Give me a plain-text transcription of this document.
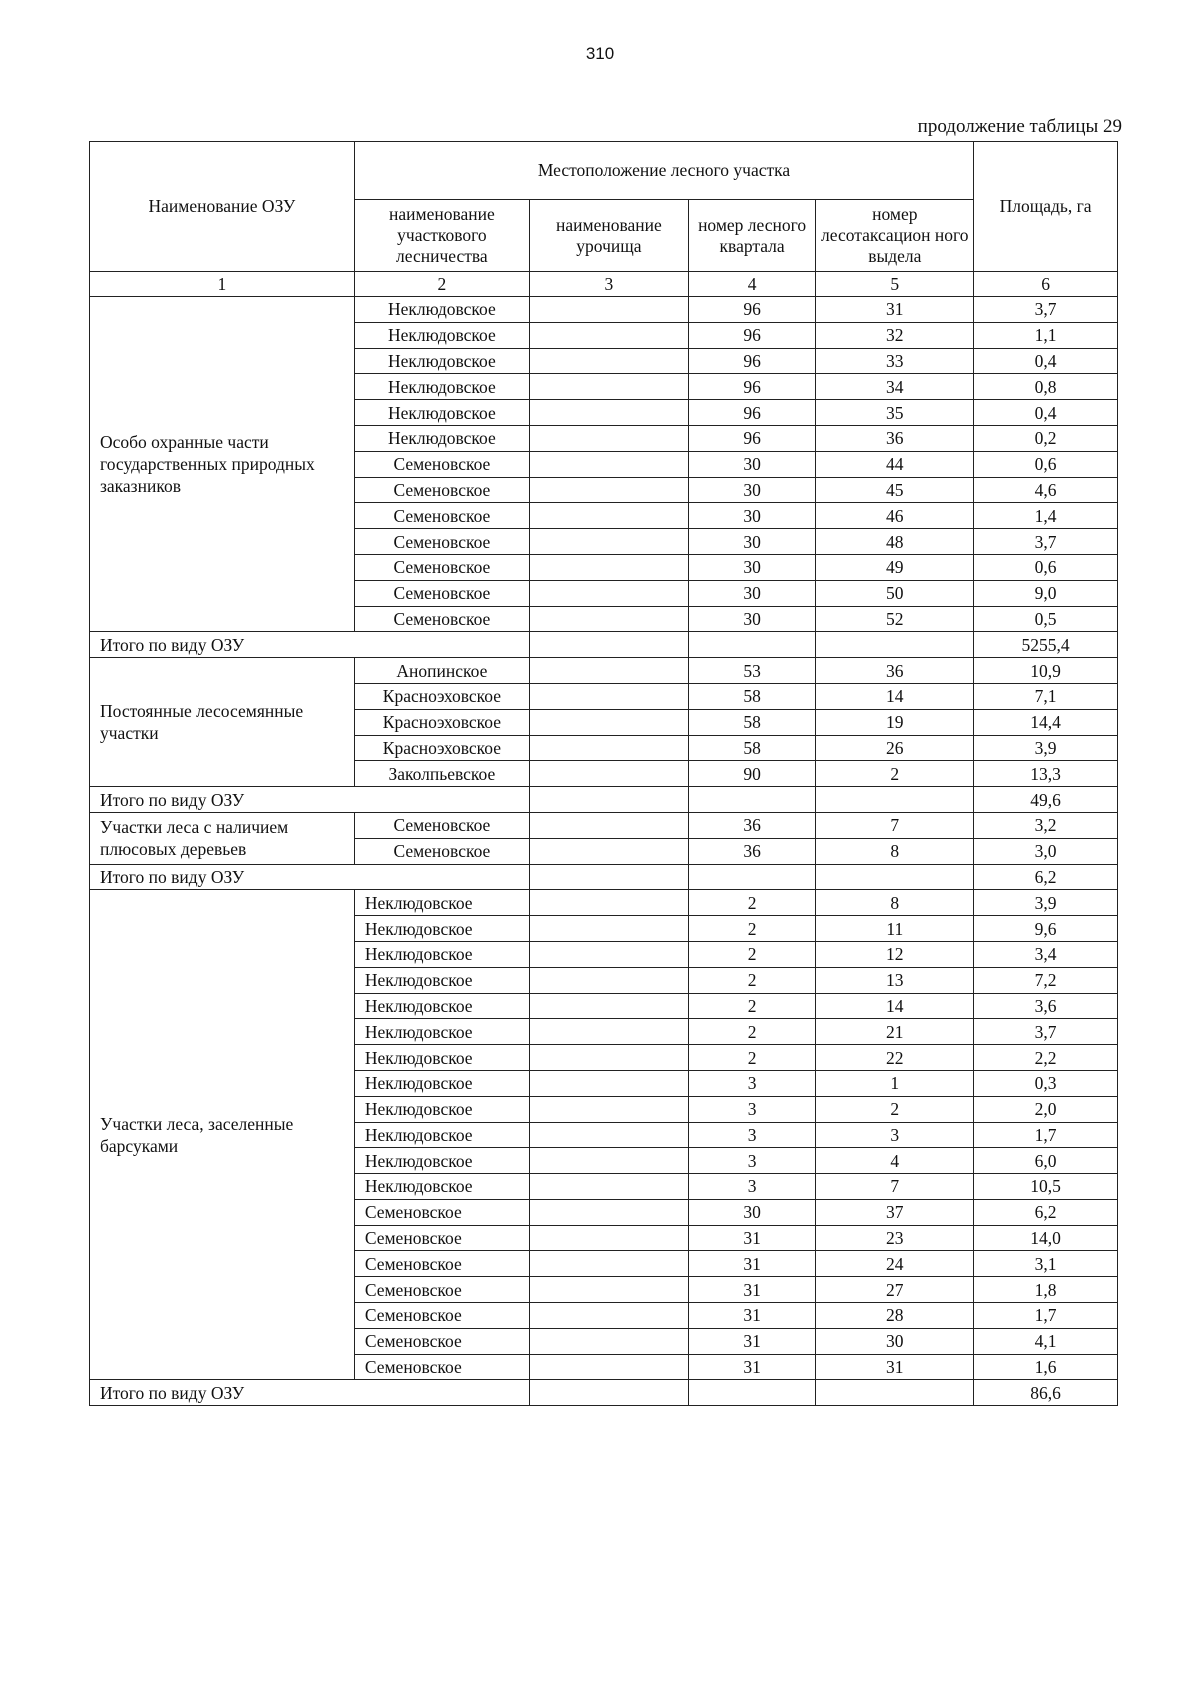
310
продолжение таблицы 29
Наименование ОЗУ	Местоположение лесного участка				Площадь, га
	наименование участкового лесничества	наименование урочища	номер лесного квартала	номер лесотаксацион ного выдела	
1	2	3	4	5	6
Особо охранные части государственных природных заказников	Неклюдовское		96	31	3,7
	Неклюдовское		96	32	1,1
	Неклюдовское		96	33	0,4
	Неклюдовское		96	34	0,8
	Неклюдовское		96	35	0,4
	Неклюдовское		96	36	0,2
	Семеновское		30	44	0,6
	Семеновское		30	45	4,6
	Семеновское		30	46	1,4
	Семеновское		30	48	3,7
	Семеновское		30	49	0,6
	Семеновское		30	50	9,0
	Семеновское		30	52	0,5
Итого по виду ОЗУ					5255,4
Постоянные лесосемянные участки	Анопинское		53	36	10,9
	Красноэховское		58	14	7,1
	Красноэховское		58	19	14,4
	Красноэховское		58	26	3,9
	Заколпьевское		90	2	13,3
Итого по виду ОЗУ					49,6
Участки леса с наличием плюсовых деревьев	Семеновское		36	7	3,2
	Семеновское		36	8	3,0
Итого по виду ОЗУ					6,2
Участки леса, заселенные барсуками	Неклюдовское		2	8	3,9
	Неклюдовское		2	11	9,6
	Неклюдовское		2	12	3,4
	Неклюдовское		2	13	7,2
	Неклюдовское		2	14	3,6
	Неклюдовское		2	21	3,7
	Неклюдовское		2	22	2,2
	Неклюдовское		3	1	0,3
	Неклюдовское		3	2	2,0
	Неклюдовское		3	3	1,7
	Неклюдовское		3	4	6,0
	Неклюдовское		3	7	10,5
	Семеновское		30	37	6,2
	Семеновское		31	23	14,0
	Семеновское		31	24	3,1
	Семеновское		31	27	1,8
	Семеновское		31	28	1,7
	Семеновское		31	30	4,1
	Семеновское		31	31	1,6
Итого по виду ОЗУ					86,6
